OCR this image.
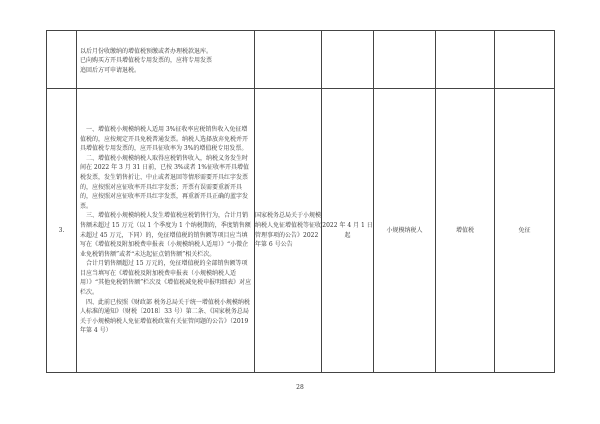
	以后月份收缴纳的增值税预缴或者办理税款退库。
已向购买方开具增值税专用发票的，应将专用发票
追回后方可申请退税。					

3.	一、增值税小规模纳税人适用 3%征收率应税销售收入免征增值税的，应按规定开具免税普通发票。纳税人选择放弃免税并开具增值税专用发票的，应开具征收率为 3%的增值税专用发票。

二、增值税小规模纳税人取得应税销售收入，纳税义务发生时间在 2022 年 3 月 31 日前，已按 3%或者 1%征收率开具增值税发票，发生销售折让、中止或者退回等情形需要开具红字发票的，应按照对应征收率开具红字发票；开票有误需要重新开具的，应按照对应征收率开具红字发票，再重新开具正确的蓝字发票。

三、增值税小规模纳税人发生增值税应税销售行为，合计月销售额未超过 15 万元（以 1 个季度为 1 个纳税期的，季度销售额未超过 45 万元，下同）的，免征增值税的销售额等项目应当填写在《增值税及附加税费申报表（小规模纳税人适用）》“小微企业免税销售额”或者“未达起征点销售额”相关栏次。

合计月销售额超过 15 万元的，免征增值税的全部销售额等项目应当填写在《增值税及附加税费申报表（小规模纳税人适用）》“其他免税销售额”栏次及《增值税减免税申报明细表》对应栏次。

四、此前已按照《财政部 税务总局关于统一增值税小规模纳税人标准的通知》（财税〔2018〕33 号）第二条、《国家税务总局关于小规模纳税人免征增值税政策有关征管问题的公告》（2019 年第 4 号）	国家税务总局关于小规模纳税人免征增值税等征收管理事项的公告》2022 年第 6 号公告	2022 年 4 月 1 日起	小规模纳税人	增值税	免征
28
